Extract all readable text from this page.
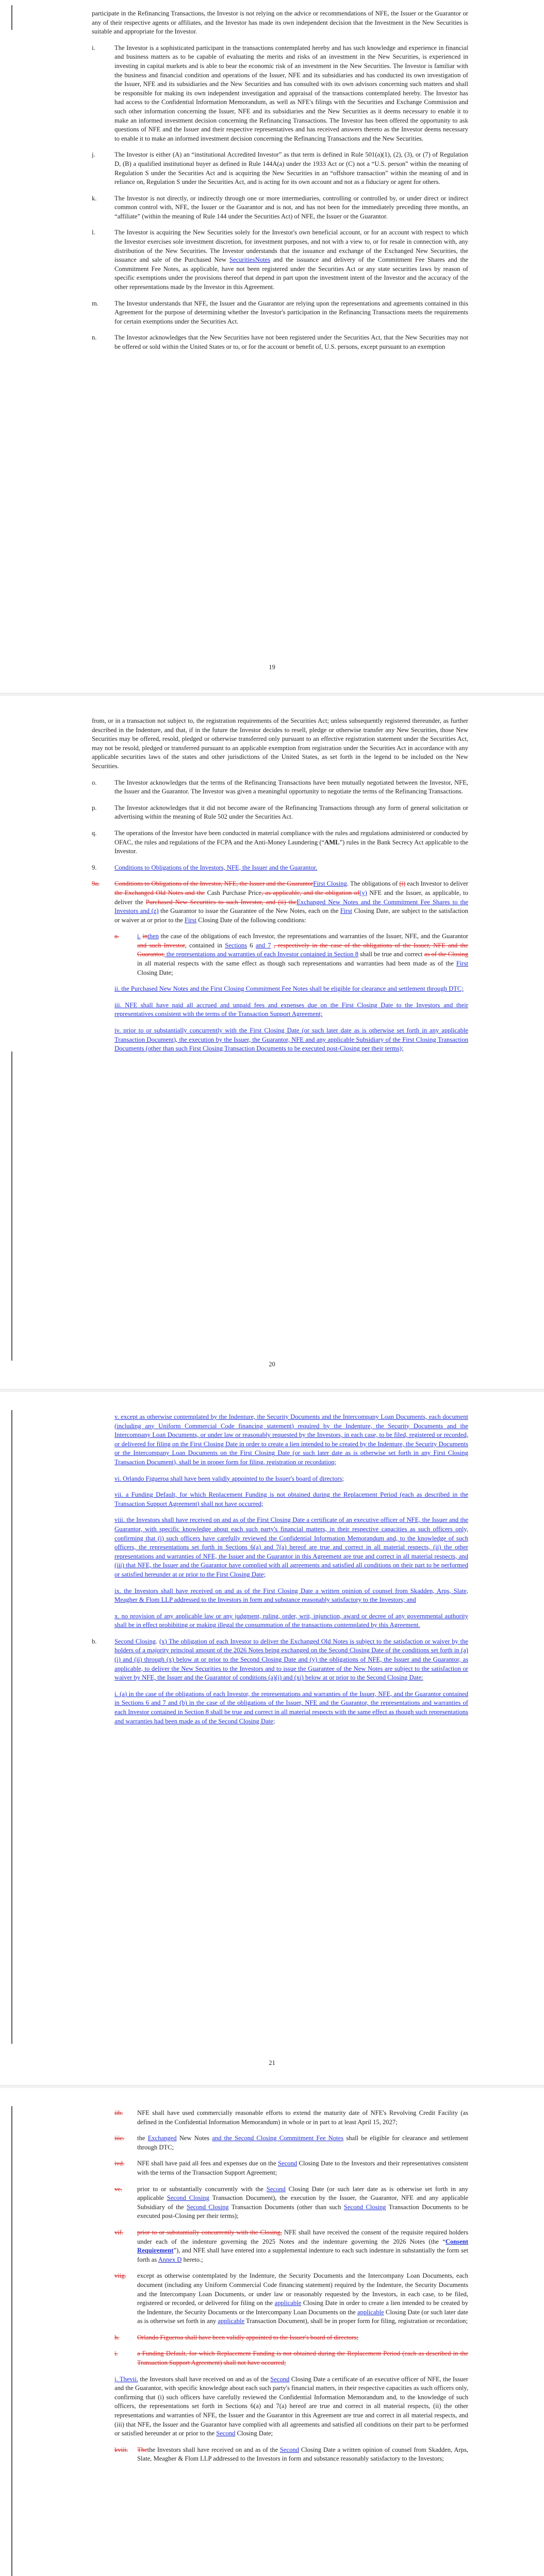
participate in the Refinancing Transactions, the Investor is not relying on the advice or recommendations of NFE, the Issuer or the Guarantor or any of their respective agents or affiliates, and the Investor has made its own independent decision that the Investment in the New Securities is suitable and appropriate for the Investor.
i.	The Investor is a sophisticated participant in the transactions contemplated hereby and has such knowledge and experience in financial and business matters as to be capable of evaluating the merits and risks of an investment in the New Securities, is experienced in investing in capital markets and is able to bear the economic risk of an investment in the New Securities. The Investor is familiar with the business and financial condition and operations of the Issuer, NFE and its subsidiaries and has conducted its own investigation of the Issuer, NFE and its subsidiaries and the New Securities and has consulted with its own advisors concerning such matters and shall be responsible for making its own independent investigation and appraisal of the transactions contemplated hereby. The Investor has had access to the Confidential Information Memorandum, as well as NFE's filings with the Securities and Exchange Commission and such other information concerning the Issuer, NFE and its subsidiaries and the New Securities as it deems necessary to enable it to make an informed investment decision concerning the Refinancing Transactions. The Investor has been offered the opportunity to ask questions of NFE and the Issuer and their respective representatives and has received answers thereto as the Investor deems necessary to enable it to make an informed investment decision concerning the Refinancing Transactions and the New Securities.
j.	The Investor is either (A) an “institutional Accredited Investor” as that term is defined in Rule 501(a)(1), (2), (3), or (7) of Regulation D, (B) a qualified institutional buyer as defined in Rule 144A(a) under the 1933 Act or (C) not a “U.S. person” within the meaning of Regulation S under the Securities Act and is acquiring the New Securities in an “offshore transaction” within the meaning of and in reliance on, Regulation S under the Securities Act, and is acting for its own account and not as a fiduciary or agent for others.
k.	The Investor is not directly, or indirectly through one or more intermediaries, controlling or controlled by, or under direct or indirect common control with, NFE, the Issuer or the Guarantor and is not, and has not been for the immediately preceding three months, an “affiliate” (within the meaning of Rule 144 under the Securities Act) of NFE, the Issuer or the Guarantor.
l.	The Investor is acquiring the New Securities solely for the Investor's own beneficial account, or for an account with respect to which the Investor exercises sole investment discretion, for investment purposes, and not with a view to, or for resale in connection with, any distribution of the New Securities. The Investor understands that the issuance and exchange of the Exchanged New Securities, the issuance and sale of the Purchased New SecuritiesNotes and the issuance and delivery of the Commitment Fee Shares and the Commitment Fee Notes, as applicable, have not been registered under the Securities Act or any state securities laws by reason of specific exemptions under the provisions thereof that depend in part upon the investment intent of the Investor and the accuracy of the other representations made by the Investor in this Agreement.
m.	The Investor understands that NFE, the Issuer and the Guarantor are relying upon the representations and agreements contained in this Agreement for the purpose of determining whether the Investor's participation in the Refinancing Transactions meets the requirements for certain exemptions under the Securities Act.
n.	The Investor acknowledges that the New Securities have not been registered under the Securities Act, that the New Securities may not be offered or sold within the United States or to, or for the account or benefit of, U.S. persons, except pursuant to an exemption
19
from, or in a transaction not subject to, the registration requirements of the Securities Act; unless subsequently registered thereunder, as further described in the Indenture, and that, if in the future the Investor decides to resell, pledge or otherwise transfer any New Securities, those New Securities may be offered, resold, pledged or otherwise transferred only pursuant to an effective registration statement under the Securities Act, may not be resold, pledged or transferred pursuant to an applicable exemption from registration under the Securities Act in accordance with any applicable securities laws of the states and other jurisdictions of the United States, as set forth in the legend to be included on the New Securities.
o.	The Investor acknowledges that the terms of the Refinancing Transactions have been mutually negotiated between the Investor, NFE, the Issuer and the Guarantor. The Investor was given a meaningful opportunity to negotiate the terms of the Refinancing Transactions.
p.	The Investor acknowledges that it did not become aware of the Refinancing Transactions through any form of general solicitation or advertising within the meaning of Rule 502 under the Securities Act.
q.	The operations of the Investor have been conducted in material compliance with the rules and regulations administered or conducted by OFAC, the rules and regulations of the FCPA and the Anti-Money Laundering (“AML”) rules in the Bank Secrecy Act applicable to the Investor.
9.	Conditions to Obligations of the Investors, NFE, the Issuer and the Guarantor.
9a.	Conditions to Obligations of the Investor, NFE, the Issuer and the GuarantorFirst Closing. The obligations of (i) each Investor to deliver the Exchanged Old Notes and the Cash Purchase Price, as applicable, and the obligation of(y) NFE and the Issuer, as applicable, to deliver the Purchased New Securities to such Investor, and (ii) theExchanged New Notes and the Commitment Fee Shares to the Investors and (z) the Guarantor to issue the Guarantee of the New Notes, each on the First Closing Date, are subject to the satisfaction or waiver at or prior to the First Closing Date of the following conditions:
a.	i. inthen the case of the obligations of each Investor, the representations and warranties of the Issuer, NFE, and the Guarantor and such Investor, contained in Sections 6 and 7 , respectively in the case of the obligations of the Issuer, NFE and the Guarantor, the representations and warranties of each Investor contained in Section 8 shall be true and correct as of the Closing in all material respects with the same effect as though such representations and warranties had been made as of the First Closing Date;
ii. the Purchased New Notes and the First Closing Commitment Fee Notes shall be eligible for clearance and settlement through DTC;
iii. NFE shall have paid all accrued and unpaid fees and expenses due on the First Closing Date to the Investors and their representatives consistent with the terms of the Transaction Support Agreement;
iv. prior to or substantially concurrently with the First Closing Date (or such later date as is otherwise set forth in any applicable Transaction Document), the execution by the Issuer, the Guarantor, NFE and any applicable Subsidiary of the First Closing Transaction Documents (other than such First Closing Transaction Documents to be executed post-Closing per their terms);
20
v. except as otherwise contemplated by the Indenture, the Security Documents and the Intercompany Loan Documents, each document (including any Uniform Commercial Code financing statement) required by the Indenture, the Security Documents and the Intercompany Loan Documents, or under law or reasonably requested by the Investors, in each case, to be filed, registered or recorded, or delivered for filing on the First Closing Date in order to create a lien intended to be created by the Indenture, the Security Documents or the Intercompany Loan Documents on the First Closing Date (or such later date as is otherwise set forth in any First Closing Transaction Document), shall be in proper form for filing, registration or recordation;
vi. Orlando Figueroa shall have been validly appointed to the Issuer's board of directors;
vii. a Funding Default, for which Replacement Funding is not obtained during the Replacement Period (each as described in the Transaction Support Agreement) shall not have occurred;
viii. the Investors shall have received on and as of the First Closing Date a certificate of an executive officer of NFE, the Issuer and the Guarantor, with specific knowledge about each such party's financial matters, in their respective capacities as such officers only, confirming that (i) such officers have carefully reviewed the Confidential Information Memorandum and, to the knowledge of such officers, the representations set forth in Sections 6(a) and 7(a) hereof are true and correct in all material respects, (ii) the other representations and warranties of NFE, the Issuer and the Guarantor in this Agreement are true and correct in all material respects, and (iii) that NFE, the Issuer and the Guarantor have complied with all agreements and satisfied all conditions on their part to be performed or satisfied hereunder at or prior to the First Closing Date;
ix. the Investors shall have received on and as of the First Closing Date a written opinion of counsel from Skadden, Arps, Slate, Meagher & Flom LLP addressed to the Investors in form and substance reasonably satisfactory to the Investors; and
x. no provision of any applicable law or any judgment, ruling, order, writ, injunction, award or decree of any governmental authority shall be in effect prohibiting or making illegal the consummation of the transactions contemplated by this Agreement.
b.	Second Closing. (x) The obligation of each Investor to deliver the Exchanged Old Notes is subject to the satisfaction or waiver by the holders of a majority principal amount of the 2026 Notes being exchanged on the Second Closing Date of the conditions set forth in (a)(i) and (ii) through (x) below at or prior to the Second Closing Date and (y) the obligations of NFE, the Issuer and the Guarantor, as applicable, to deliver the New Securities to the Investors and to issue the Guarantee of the New Notes are subject to the satisfaction or waiver by NFE, the Issuer and the Guarantor of conditions (a)(i) and (xi) below at or prior to the Second Closing Date:
i. (a) in the case of the obligations of each Investor, the representations and warranties of the Issuer, NFE, and the Guarantor contained in Sections 6 and 7 and (b) in the case of the obligations of the Issuer, NFE and the Guarantor, the representations and warranties of each Investor contained in Section 8 shall be true and correct in all material respects with the same effect as though such representations and warranties had been made as of the Second Closing Date;
21
iib.	NFE shall have used commercially reasonable efforts to extend the maturity date of NFE's Revolving Credit Facility (as defined in the Confidential Information Memorandum) in whole or in part to at least April 15, 2027;
iiic.	the Exchanged New Notes and the Second Closing Commitment Fee Notes shall be eligible for clearance and settlement through DTC;
ivd.	NFE shall have paid all fees and expenses due on the Second Closing Date to the Investors and their representatives consistent with the terms of the Transaction Support Agreement;
ve.	prior to or substantially concurrently with the Second Closing Date (or such later date as is otherwise set forth in any applicable Second Closing Transaction Document), the execution by the Issuer, the Guarantor, NFE and any applicable Subsidiary of the Second Closing Transaction Documents (other than such Second Closing Transaction Documents to be executed post-Closing per their terms);
vif.	prior to or substantially concurrently with the Closing, NFE shall have received the consent of the requisite required holders under each of the indenture governing the 2025 Notes and the indenture governing the 2026 Notes (the “Consent Requirement”), and NFE shall have entered into a supplemental indenture to each such indenture in substantially the form set forth as Annex D hereto.;
viig.	except as otherwise contemplated by the Indenture, the Security Documents and the Intercompany Loan Documents, each document (including any Uniform Commercial Code financing statement) required by the Indenture, the Security Documents and the Intercompany Loan Documents, or under law or reasonably requested by the Investors, in each case, to be filed, registered or recorded, or delivered for filing on the applicable Closing Date in order to create a lien intended to be created by the Indenture, the Security Documents or the Intercompany Loan Documents on the applicable Closing Date (or such later date as is otherwise set forth in any applicable Transaction Document), shall be in proper form for filing, registration or recordation;
h.	Orlando Figueroa shall have been validly appointed to the Issuer's board of directors;
i.	a Funding Default, for which Replacement Funding is not obtained during the Replacement Period (each as described in the Transaction Support Agreement) shall not have occurred;
j. Thevii. the Investors shall have received on and as of the Second Closing Date a certificate of an executive officer of NFE, the Issuer and the Guarantor, with specific knowledge about each such party's financial matters, in their respective capacities as such officers only, confirming that (i) such officers have carefully reviewed the Confidential Information Memorandum and, to the knowledge of such officers, the representations set forth in Sections 6(a) and 7(a) hereof are true and correct in all material respects, (ii) the other representations and warranties of NFE, the Issuer and the Guarantor in this Agreement are true and correct in all material respects, and (iii) that NFE, the Issuer and the Guarantor have complied with all agreements and satisfied all conditions on their part to be performed or satisfied hereunder at or prior to the Second Closing Date;
kviii.	Thethe Investors shall have received on and as of the Second Closing Date a written opinion of counsel from Skadden, Arps, Slate, Meagher & Flom LLP addressed to the Investors in form and substance reasonably satisfactory to the Investors;
